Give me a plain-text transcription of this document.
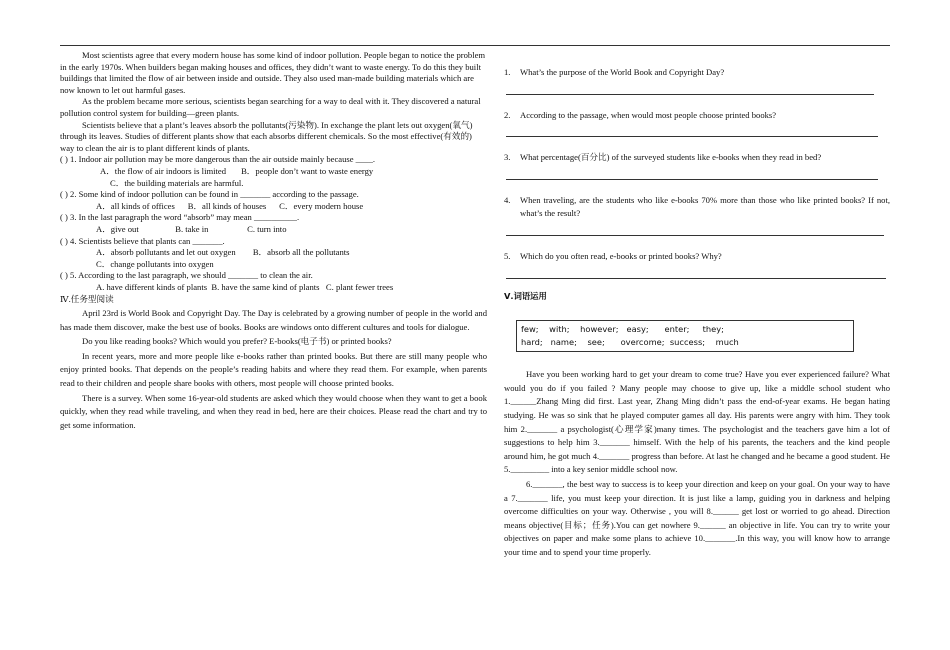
Most scientists agree that every modern house has some kind of indoor pollution. People began to notice the problem in the early 1970s. When builders began making houses and offices, they didn’t want to waste energy. To do this they built buildings that limited the flow of air between inside and outside. They also used man-made building materials which are now known to let out harmful gases.

As the problem became more serious, scientists began searching for a way to deal with it. They discovered a natural pollution control system for building—green plants.

Scientists believe that a plant’s leaves absorb the pollutants(污染物). In exchange the plant lets out oxygen(氧气) through its leaves. Studies of different plants show that each absorbs different chemicals. So the most effective(有效的) way to clean the air is to plant different kinds of plants.

( ) 1. Indoor air pollution may be more dangerous than the air outside mainly because ____.

A．the flow of air indoors is limited B．people don’t want to waste energy

C．the building materials are harmful.

( ) 2. Some kind of indoor pollution can be found in _______ according to the passage.

A．all kinds of offices      B．all kinds of houses      C．every modern house

( ) 3. In the last paragraph the word “absorb” may mean __________.

A．give out                 B. take in                  C. turn into

( ) 4. Scientists believe that plants can _______.

A．absorb pollutants and let out oxygen        B．absorb all the pollutants

C．change pollutants into oxygen

( ) 5. According to the last paragraph, we should _______ to clean the air.

A. have different kinds of plants  B. have the same kind of plants   C. plant fewer trees

Ⅳ.任务型阅读

April 23rd is World Book and Copyright Day. The Day is celebrated by a growing number of people in the world and has made them discover, make the best use of books. Books are windows onto different cultures and tools for dialogue.

Do you like reading books? Which would you prefer? E-books(电子书) or printed books?

In recent years, more and more people like e-books rather than printed books. But there are still many people who enjoy printed books. That depends on the people’s reading habits and where they read them. For example, when parents read to their children and people share books with others, most people will choose printed books.

There is a survey. When some 16-year-old students are asked which they would choose when they want to get a book quickly, when they read while traveling, and when they read in bed, here are their choices. Please read the chart and try to get some information.

1.	What’s the purpose of the World Book and Copyright Day?
2.	According to the passage, when would most people choose printed books?
3.	What percentage(百分比) of the surveyed students like e-books when they read in bed?
4.	When traveling, are the students who like e-books 70% more than those who like printed books? If not, what’s the result?
5.	Which do you often read, e-books or printed books? Why?
Ⅴ.词语运用
few;    with;    however;   easy;      enter;     they;
hard;   name;    see;      overcome;  success;    much

Have you been working hard to get your dream to come true? Have you ever experienced failure? What would you do if you failed ? Many people may choose to give up, like a middle school student who 1.______Zhang Ming did first. Last year, Zhang Ming didn’t pass the end-of-year exams. He began hating studying. He was so sink that he played computer games all day. His parents were angry with him. They took him 2._______ a psychologist(心理学家)many times. The psychologist and the teachers gave him a lot of suggestions to help him 3._______ himself. With the help of his parents, the teachers and the kind people around him, he got much 4._______ progress than before. At last he changed and he became a good student. He 5._________ into a key senior middle school now.

6._______, the best way to success is to keep your direction and keep on your goal. On your way to have a 7._______ life, you must keep your direction. It is just like a lamp, guiding you in darkness and helping overcome difficulties on your way. Otherwise , you will 8.______ get lost or worried to go ahead. Direction means objective(目标；任务).You can get nowhere 9.______ an objective in life. You can try to write your objectives on paper and make some plans to achieve 10._______.In this way, you will know how to arrange your time and to spend your time properly.
